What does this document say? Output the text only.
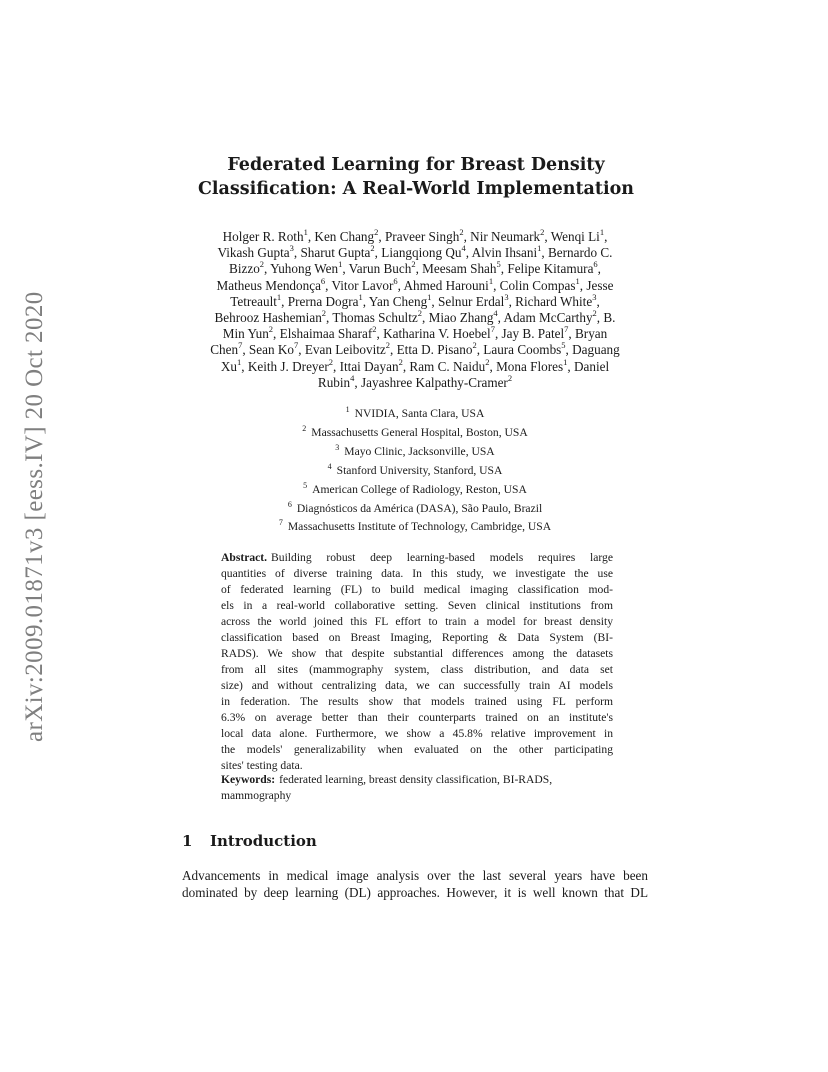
arXiv:2009.01871v3 [eess.IV] 20 Oct 2020
Federated Learning for Breast Density
Classification: A Real-World Implementation
Holger R. Roth$^1$, Ken Chang$^2$, Praveer Singh$^2$, Nir Neumark$^2$, Wenqi Li$^1$,
Vikash Gupta$^3$, Sharut Gupta$^2$, Liangqiong Qu$^4$, Alvin Ihsani$^1$, Bernardo C.
Bizzo$^2$, Yuhong Wen$^1$, Varun Buch$^2$, Meesam Shah$^5$, Felipe Kitamura$^6$,
Matheus Mendonça$^6$, Vitor Lavor$^6$, Ahmed Harouni$^1$, Colin Compas$^1$, Jesse
Tetreault$^1$, Prerna Dogra$^1$, Yan Cheng$^1$, Selnur Erdal$^3$, Richard White$^3$,
Behrooz Hashemian$^2$, Thomas Schultz$^2$, Miao Zhang$^4$, Adam McCarthy$^2$, B.
Min Yun$^2$, Elshaimaa Sharaf$^2$, Katharina V. Hoebel$^7$, Jay B. Patel$^7$, Bryan
Chen$^7$, Sean Ko$^7$, Evan Leibovitz$^2$, Etta D. Pisano$^2$, Laura Coombs$^5$, Daguang
Xu$^1$, Keith J. Dreyer$^2$, Ittai Dayan$^2$, Ram C. Naidu$^2$, Mona Flores$^1$, Daniel
Rubin$^4$, Jayashree Kalpathy-Cramer$^2$
$^1$ NVIDIA, Santa Clara, USA
$^2$ Massachusetts General Hospital, Boston, USA
$^3$ Mayo Clinic, Jacksonville, USA
$^4$ Stanford University, Stanford, USA
$^5$ American College of Radiology, Reston, USA
$^6$ Diagnósticos da América (DASA), São Paulo, Brazil
$^7$ Massachusetts Institute of Technology, Cambridge, USA
Abstract. Building robust deep learning-based models requires large
quantities of diverse training data. In this study, we investigate the use
of federated learning (FL) to build medical imaging classification mod-
els in a real-world collaborative setting. Seven clinical institutions from
across the world joined this FL effort to train a model for breast density
classification based on Breast Imaging, Reporting & Data System (BI-
RADS). We show that despite substantial differences among the datasets
from all sites (mammography system, class distribution, and data set
size) and without centralizing data, we can successfully train AI models
in federation. The results show that models trained using FL perform
6.3% on average better than their counterparts trained on an institute's
local data alone. Furthermore, we show a 45.8% relative improvement in
the models' generalizability when evaluated on the other participating
sites' testing data.
Keywords: federated learning, breast density classification, BI-RADS,
mammography
1 Introduction
Advancements in medical image analysis over the last several years have been
dominated by deep learning (DL) approaches. However, it is well known that DL
